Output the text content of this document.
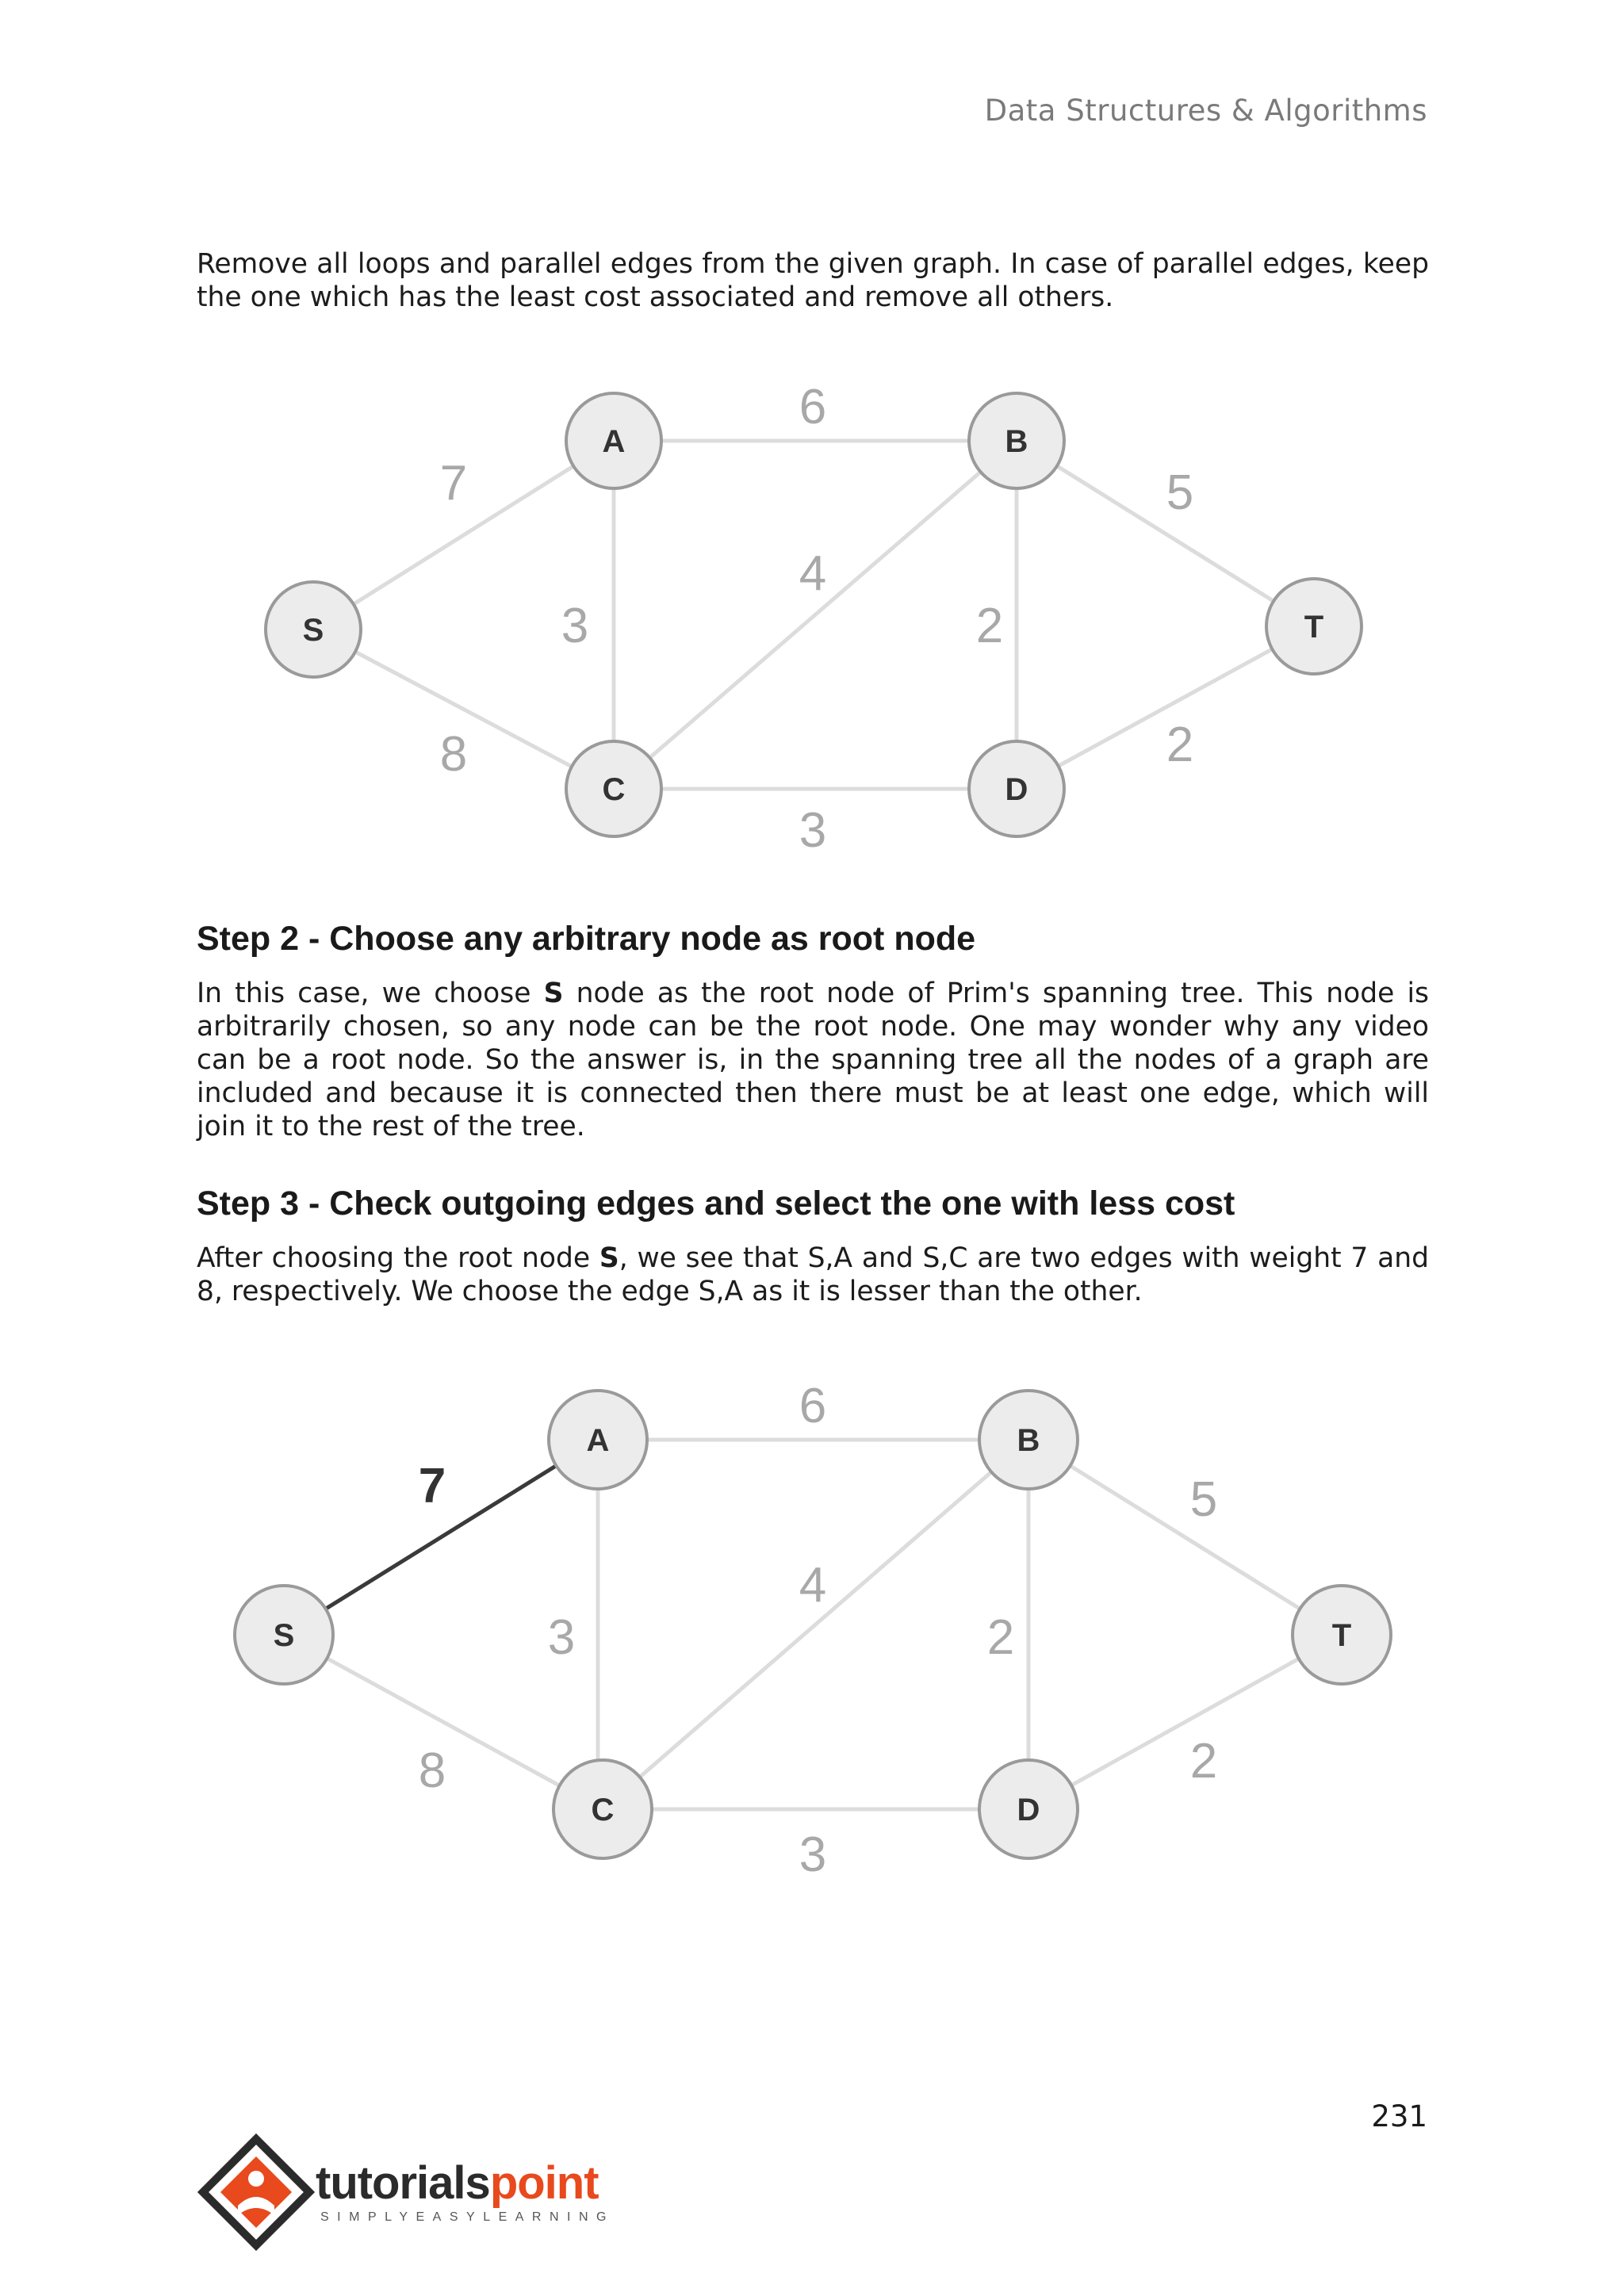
Data Structures & Algorithms
Remove all loops and parallel edges from the given graph. In case of parallel edges, keep the one which has the least cost associated and remove all others.
7
6
5
4
3	2
8	2
3
A	B
S	T
C	D
Step 2 - Choose any arbitrary node as root node
In this case, we choose S node as the root node of Prim's spanning tree. This node is arbitrarily chosen, so any node can be the root node. One may wonder why any video can be a root node. So the answer is, in the spanning tree all the nodes of a graph are included and because it is connected then there must be at least one edge, which will join it to the rest of the tree.
Step 3 - Check outgoing edges and select the one with less cost
After choosing the root node S, we see that S,A and S,C are two edges with weight 7 and 8, respectively. We choose the edge S,A as it is lesser than the other.
7
6
5
4
3	2
8	2
3
A	B
S	T
C	D
231
tutorialspoint
SIMPLYEASYLEARNING
